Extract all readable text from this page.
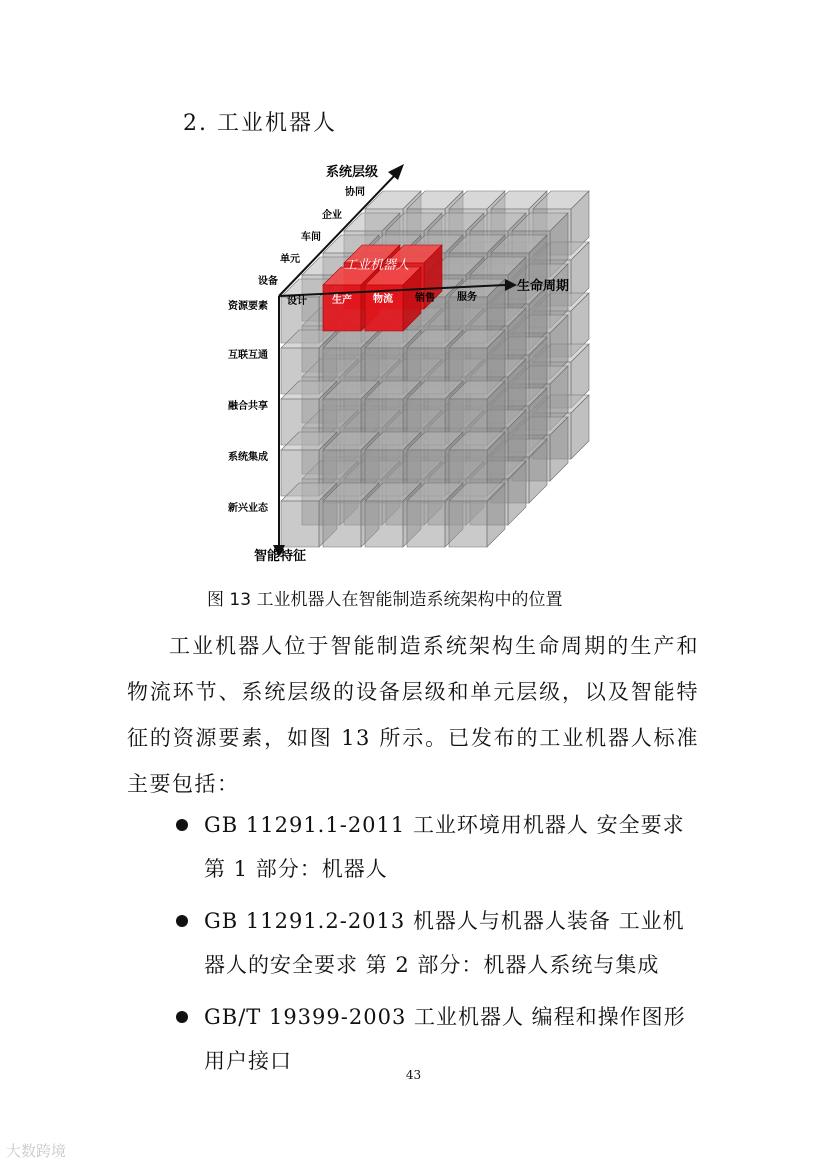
2. 工业机器人
系统层级
生命周期
智能特征
协同
企业
车间
单元
设备
设计	生产 物流 销售 服务
资源要素
互联互通
融合共享
系统集成
新兴业态
工业机器人
图 13 工业机器人在智能制造系统架构中的位置
工业机器人位于智能制造系统架构生命周期的生产和物流环节、系统层级的设备层级和单元层级，以及智能特征的资源要素，如图 13 所示。已发布的工业机器人标准主要包括：
GB 11291.1-2011 工业环境用机器人 安全要求 第 1 部分：机器人
GB 11291.2-2013 机器人与机器人装备 工业机器人的安全要求 第 2 部分：机器人系统与集成
GB/T 19399-2003 工业机器人 编程和操作图形用户接口
43
大数跨境
